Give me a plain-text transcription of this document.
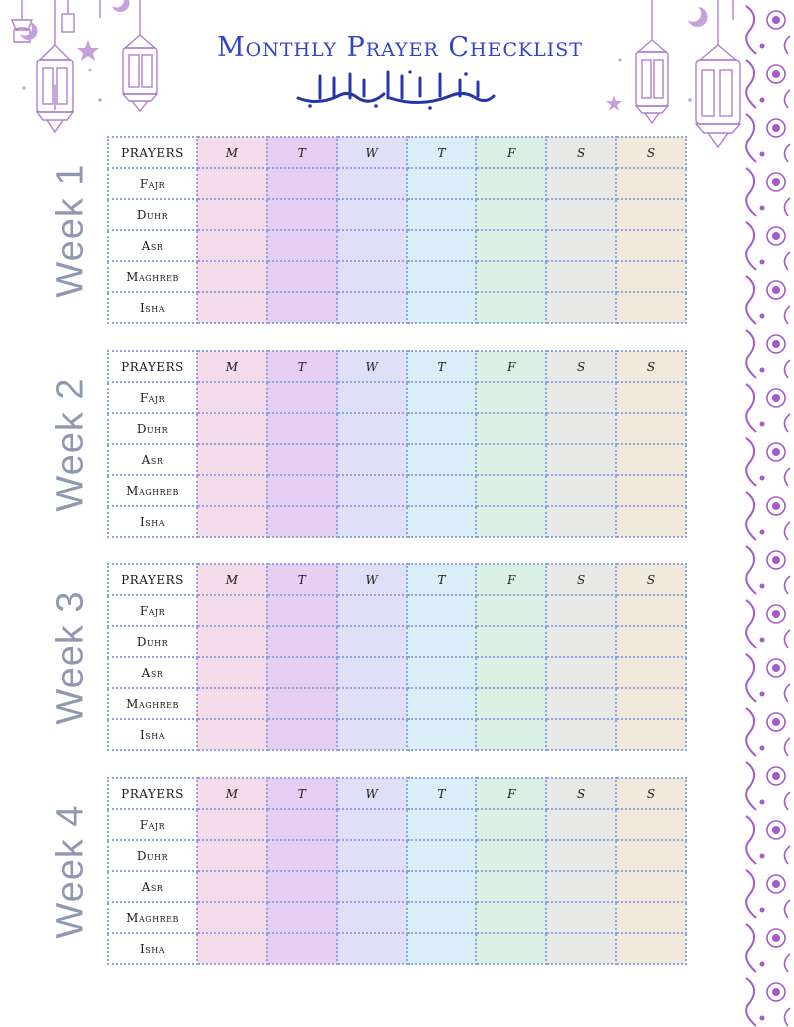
Monthly Prayer Checklist
Week 1
PRAYERS	M	T	W	T	F	S	S
Fajr							
Duhr							
Asr							
Maghreb							
Isha							
Week 2
PRAYERS	M	T	W	T	F	S	S
Fajr							
Duhr							
Asr							
Maghreb							
Isha							
Week 3
PRAYERS	M	T	W	T	F	S	S
Fajr							
Duhr							
Asr							
Maghreb							
Isha							
Week 4
PRAYERS	M	T	W	T	F	S	S
Fajr							
Duhr							
Asr							
Maghreb							
Isha							
